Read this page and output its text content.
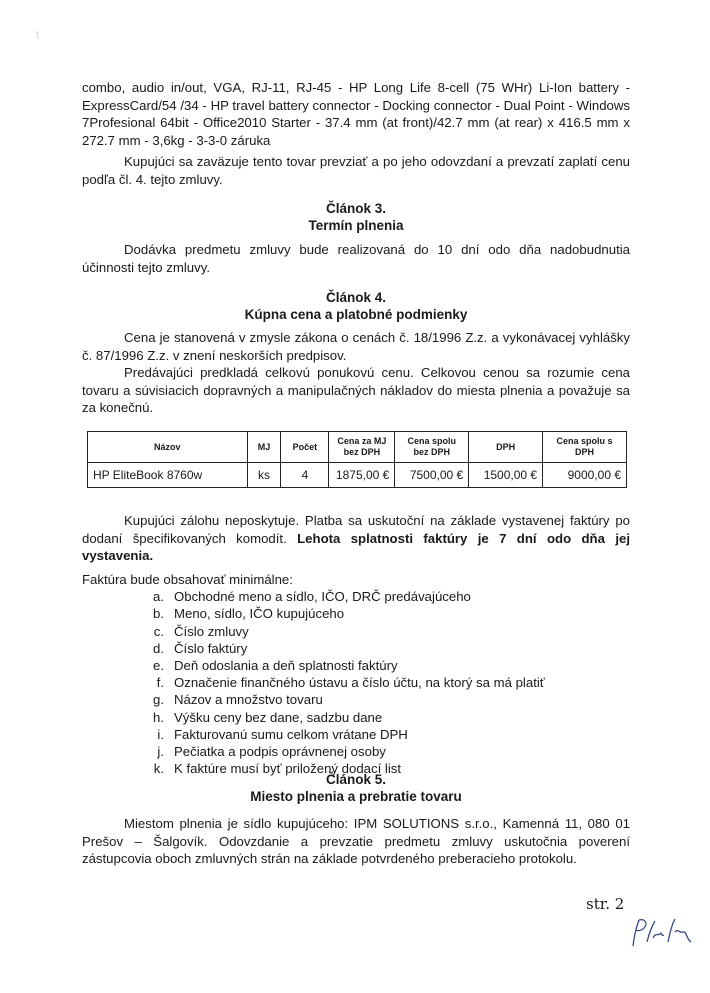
combo, audio in/out, VGA, RJ-11, RJ-45 - HP Long Life 8-cell (75 WHr) Li-Ion battery - ExpressCard/54 /34 - HP travel battery connector - Docking connector - Dual Point - Windows 7Profesional 64bit - Office2010 Starter - 37.4 mm (at front)/42.7 mm (at rear) x 416.5 mm x 272.7 mm - 3,6kg - 3-3-0 záruka

Kupujúci sa zaväzuje tento tovar prevziať a po jeho odovzdaní a prevzatí zaplatí cenu podľa čl. 4. tejto zmluvy.

Článok 3.
Termín plnenia

Dodávka predmetu zmluvy bude realizovaná do 10 dní odo dňa nadobudnutia účinnosti tejto zmluvy.

Článok 4.
Kúpna cena a platobné podmienky

Cena je stanovená v zmysle zákona o cenách č. 18/1996 Z.z. a vykonávacej vyhlášky č. 87/1996 Z.z. v znení neskorších predpisov.

Predávajúci predkladá celkovú ponukovú cenu. Celkovou cenou sa rozumie cena tovaru a súvisiacich dopravných a manipulačných nákladov do miesta plnenia a považuje sa za konečnú.

Názov	MJ	Počet	Cena za MJ bez DPH	Cena spolu bez DPH	DPH	Cena spolu s DPH
HP EliteBook 8760w	ks	4	1875,00 €	7500,00 €	1500,00 €	9000,00 €

Kupujúci zálohu neposkytuje. Platba sa uskutoční na základe vystavenej faktúry po dodaní špecifikovaných komodít. Lehota splatnosti faktúry je 7 dní odo dňa jej vystavenia.

Faktúra bude obsahovať minimálne:
a. Obchodné meno a sídlo, IČO, DRČ predávajúceho
b. Meno, sídlo, IČO kupujúceho
c. Číslo zmluvy
d. Číslo faktúry
e. Deň odoslania a deň splatnosti faktúry
f. Označenie finančného ústavu a číslo účtu, na ktorý sa má platiť
g. Názov a množstvo tovaru
h. Výšku ceny bez dane, sadzbu dane
i. Fakturovanú sumu celkom vrátane DPH
j. Pečiatka a podpis oprávnenej osoby
k. K faktúre musí byť priložený dodací list
Článok 5.
Miesto plnenia a prebratie tovaru

Miestom plnenia je sídlo kupujúceho: IPM SOLUTIONS s.r.o., Kamenná 11, 080 01 Prešov – Šalgovík. Odovzdanie a prevzatie predmetu zmluvy uskutočnia poverení zástupcovia oboch zmluvných strán na základe potvrdeného preberacieho protokolu.

str. 2
